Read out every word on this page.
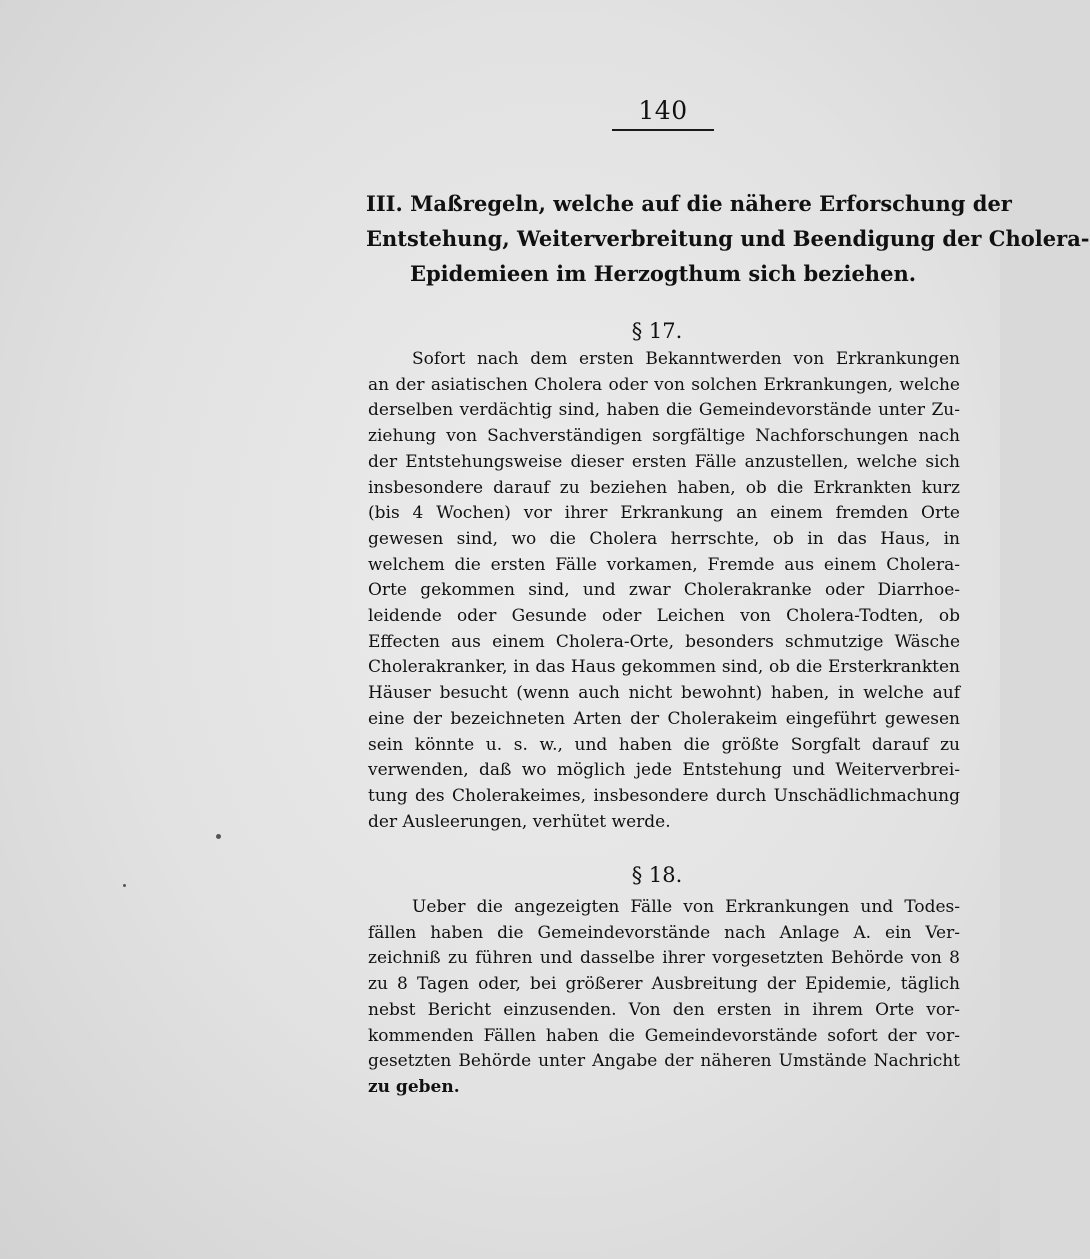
140
III. Maßregeln, welche auf die nähere Erforschung der
Entstehung, Weiterverbreitung und Beendigung der Cholera-
Epidemieen im Herzogthum sich beziehen.
§ 17.
Sofort nach dem ersten Bekanntwerden von Erkrankungen
an der asiatischen Cholera oder von solchen Erkrankungen, welche
derselben verdächtig sind, haben die Gemeindevorstände unter Zu-
ziehung von Sachverständigen sorgfältige Nachforschungen nach
der Entstehungsweise dieser ersten Fälle anzustellen, welche sich
insbesondere darauf zu beziehen haben, ob die Erkrankten kurz
(bis 4 Wochen) vor ihrer Erkrankung an einem fremden Orte
gewesen sind, wo die Cholera herrschte, ob in das Haus, in
welchem die ersten Fälle vorkamen, Fremde aus einem Cholera-
Orte gekommen sind, und zwar Cholerakranke oder Diarrhoe-
leidende oder Gesunde oder Leichen von Cholera-Todten, ob
Effecten aus einem Cholera-Orte, besonders schmutzige Wäsche
Cholerakranker, in das Haus gekommen sind, ob die Ersterkrankten
Häuser besucht (wenn auch nicht bewohnt) haben, in welche auf
eine der bezeichneten Arten der Cholerakeim eingeführt gewesen
sein könnte u. s. w., und haben die größte Sorgfalt darauf zu
verwenden, daß wo möglich jede Entstehung und Weiterverbrei-
tung des Cholerakeimes, insbesondere durch Unschädlichmachung
der Ausleerungen, verhütet werde.
§ 18.
Ueber die angezeigten Fälle von Erkrankungen und Todes-
fällen haben die Gemeindevorstände nach Anlage A. ein Ver-
zeichniß zu führen und dasselbe ihrer vorgesetzten Behörde von 8
zu 8 Tagen oder, bei größerer Ausbreitung der Epidemie, täglich
nebst Bericht einzusenden. Von den ersten in ihrem Orte vor-
kommenden Fällen haben die Gemeindevorstände sofort der vor-
gesetzten Behörde unter Angabe der näheren Umstände Nachricht
zu geben.
